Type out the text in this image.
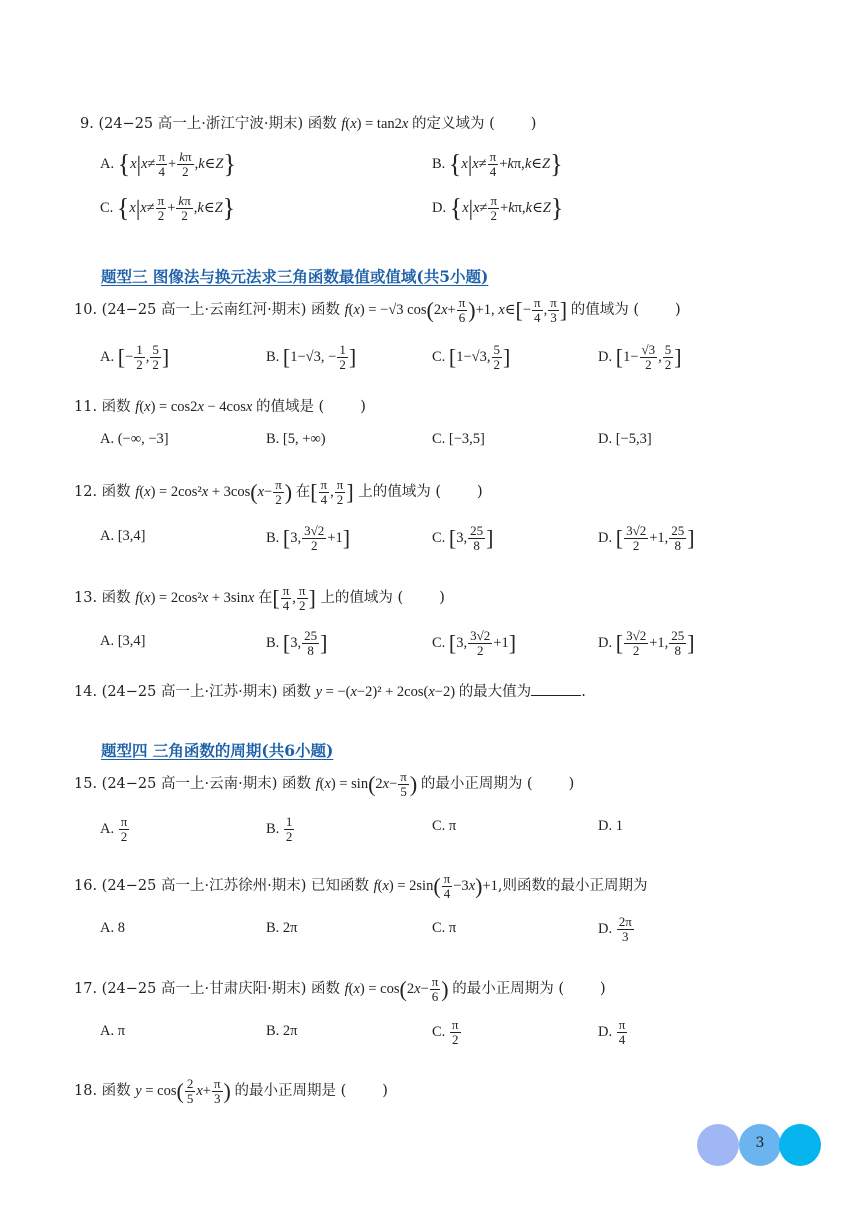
9. (24−25 高一上·浙江宁波·期末) 函数 f(x) = tan2x 的定义域为 ( )
A. {$x|x\ne \frac{\pi}{4} + \frac{k\pi}{2}$ ,k∈Z}	B. {$x|x\ne \frac{\pi}{4}$ +kπ,k∈Z}
C. {$x|x\ne \frac{\pi}{2} + \frac{k\pi}{2}$ ,k∈Z}	D. {$x|x\ne \frac{\pi}{2}$ +kπ,k∈Z}
题型三 图像法与换元法求三角函数最值或值域(共5小题)
10. (24−25 高一上·云南红河·期末) 函数 f(x) = −√3 $\cos(2x+ \frac{\pi}{6} )+1$, x∈[− $\frac{\pi}{4}$ , $\frac{\pi}{3}$ ] 的值域为 ( )
A. [− $\frac{1}{2}$ , $\frac{5}{2}$ ]	B. [1−√3, − $\frac{1}{2}$ ]	C. [1−√3, $\frac{5}{2}$ ]	D. [$1- \frac{√3}{2}$ , $\frac{5}{2}$ ]
11. 函数 f(x) = cos2x − 4cosx 的值域是 ( )
A. (−∞, −3]	B. [5, +∞)	C. [−3,5]	D. [−5,3]
12. 函数 $f(x) = 2\cos^2x + 3\cos(x- \frac{\pi}{2}$ ) 在[ $\frac{\pi}{4}$ , $\frac{\pi}{2}$ ] 上的值域为 ( )
A. [3,4]	B. [3, $\frac{3√2}{2} +1$]	C. [3, $\frac{25}{8}$ ]	D. [ $\frac{3√2}{2} +1$, $\frac{25}{8}$ ]
13. 函数 f(x) = 2cos²x + 3sinx 在[ $\frac{\pi}{4}$ , $\frac{\pi}{2}$ ] 上的值域为 ( )
A. [3,4]	B. [3, $\frac{25}{8}$ ]	C. [3, $\frac{3√2}{2} +1$]	D. [ $\frac{3√2}{2} +1$, $\frac{25}{8}$ ]
14. (24−25 高一上·江苏·期末) 函数 y = −(x−2)² + 2cos(x−2) 的最大值为	.
题型四 三角函数的周期(共6小题)
15. (24−25 高一上·云南·期末) 函数 $f(x) = \sin(2x- \frac{\pi}{5}$ ) 的最小正周期为 ( )
A. $\frac{\pi}{2}$	B. $\frac{1}{2}$	C. π	D. 1
16. (24−25 高一上·江苏徐州·期末) 已知函数 $f(x) = 2\sin( \frac{\pi}{4} -3x)+1$,则函数的最小正周期为
A. 8	B. 2π	C. π	D. $\frac{2\pi}{3}$
17. (24−25 高一上·甘肃庆阳·期末) 函数 $f(x) = \cos(2x- \frac{\pi}{6}$ ) 的最小正周期为 ( )
A. π	B. 2π	C. $\frac{\pi}{2}$	D. $\frac{\pi}{4}$
18. 函数 $y = \cos( \frac{2}{5} x+ \frac{\pi}{3}$ ) 的最小正周期是 ( )
3
